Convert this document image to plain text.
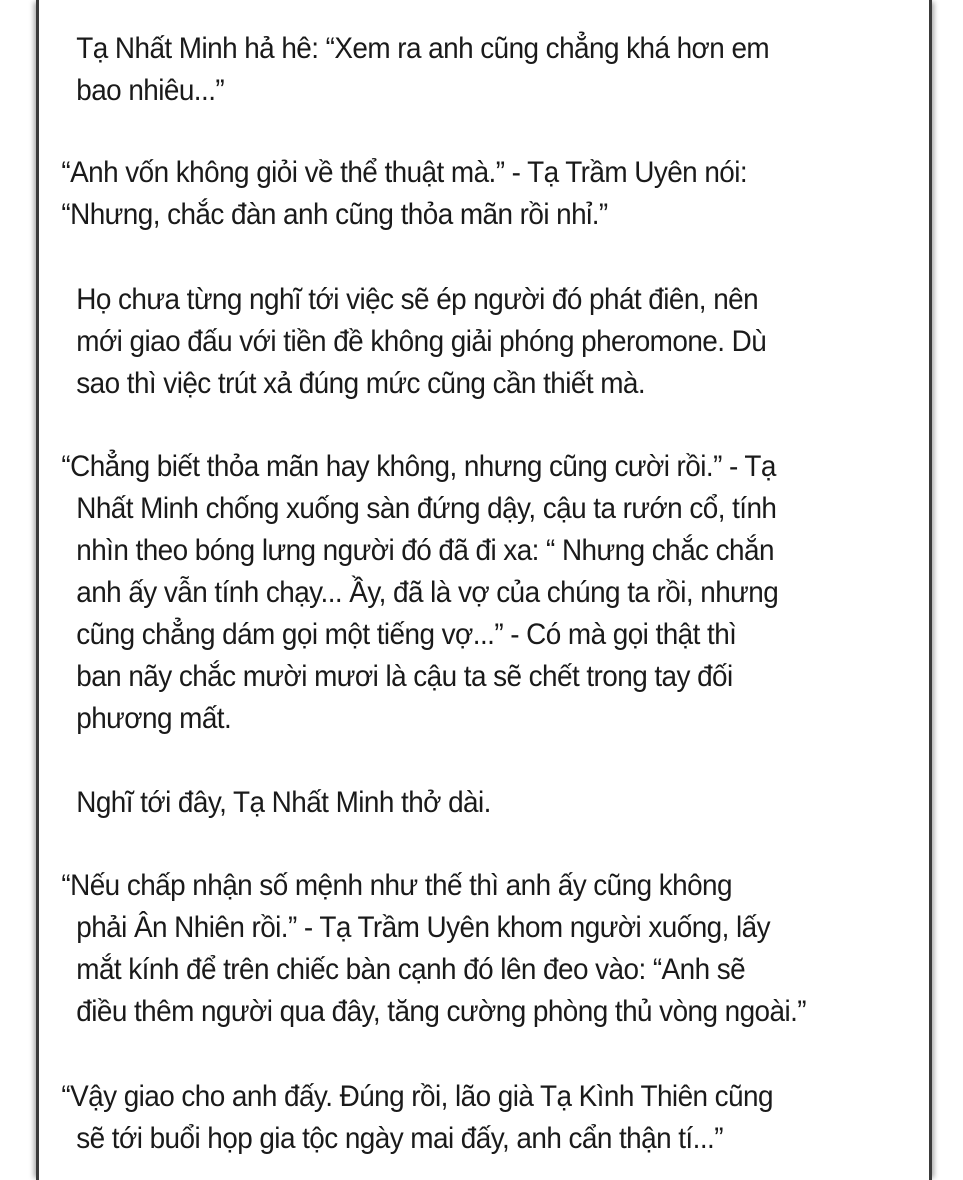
Tạ Nhất Minh hả hê: “Xem ra anh cũng chẳng khá hơn em

bao nhiêu...”

“Anh vốn không giỏi về thể thuật mà.” - Tạ Trầm Uyên nói:

“Nhưng, chắc đàn anh cũng thỏa mãn rồi nhỉ.”

Họ chưa từng nghĩ tới việc sẽ ép người đó phát điên, nên

mới giao đấu với tiền đề không giải phóng pheromone. Dù

sao thì việc trút xả đúng mức cũng cần thiết mà.

“Chẳng biết thỏa mãn hay không, nhưng cũng cười rồi.” - Tạ

Nhất Minh chống xuống sàn đứng dậy, cậu ta rướn cổ, tính

nhìn theo bóng lưng người đó đã đi xa: “ Nhưng chắc chắn

anh ấy vẫn tính chạy... Ầy, đã là vợ của chúng ta rồi, nhưng

cũng chẳng dám gọi một tiếng vợ...” - Có mà gọi thật thì

ban nãy chắc mười mươi là cậu ta sẽ chết trong tay đối

phương mất.

Nghĩ tới đây, Tạ Nhất Minh thở dài.

“Nếu chấp nhận số mệnh như thế thì anh ấy cũng không

phải Ân Nhiên rồi.” - Tạ Trầm Uyên khom người xuống, lấy

mắt kính để trên chiếc bàn cạnh đó lên đeo vào: “Anh sẽ

điều thêm người qua đây, tăng cường phòng thủ vòng ngoài.”

“Vậy giao cho anh đấy. Đúng rồi, lão già Tạ Kình Thiên cũng

sẽ tới buổi họp gia tộc ngày mai đấy, anh cẩn thận tí...”
